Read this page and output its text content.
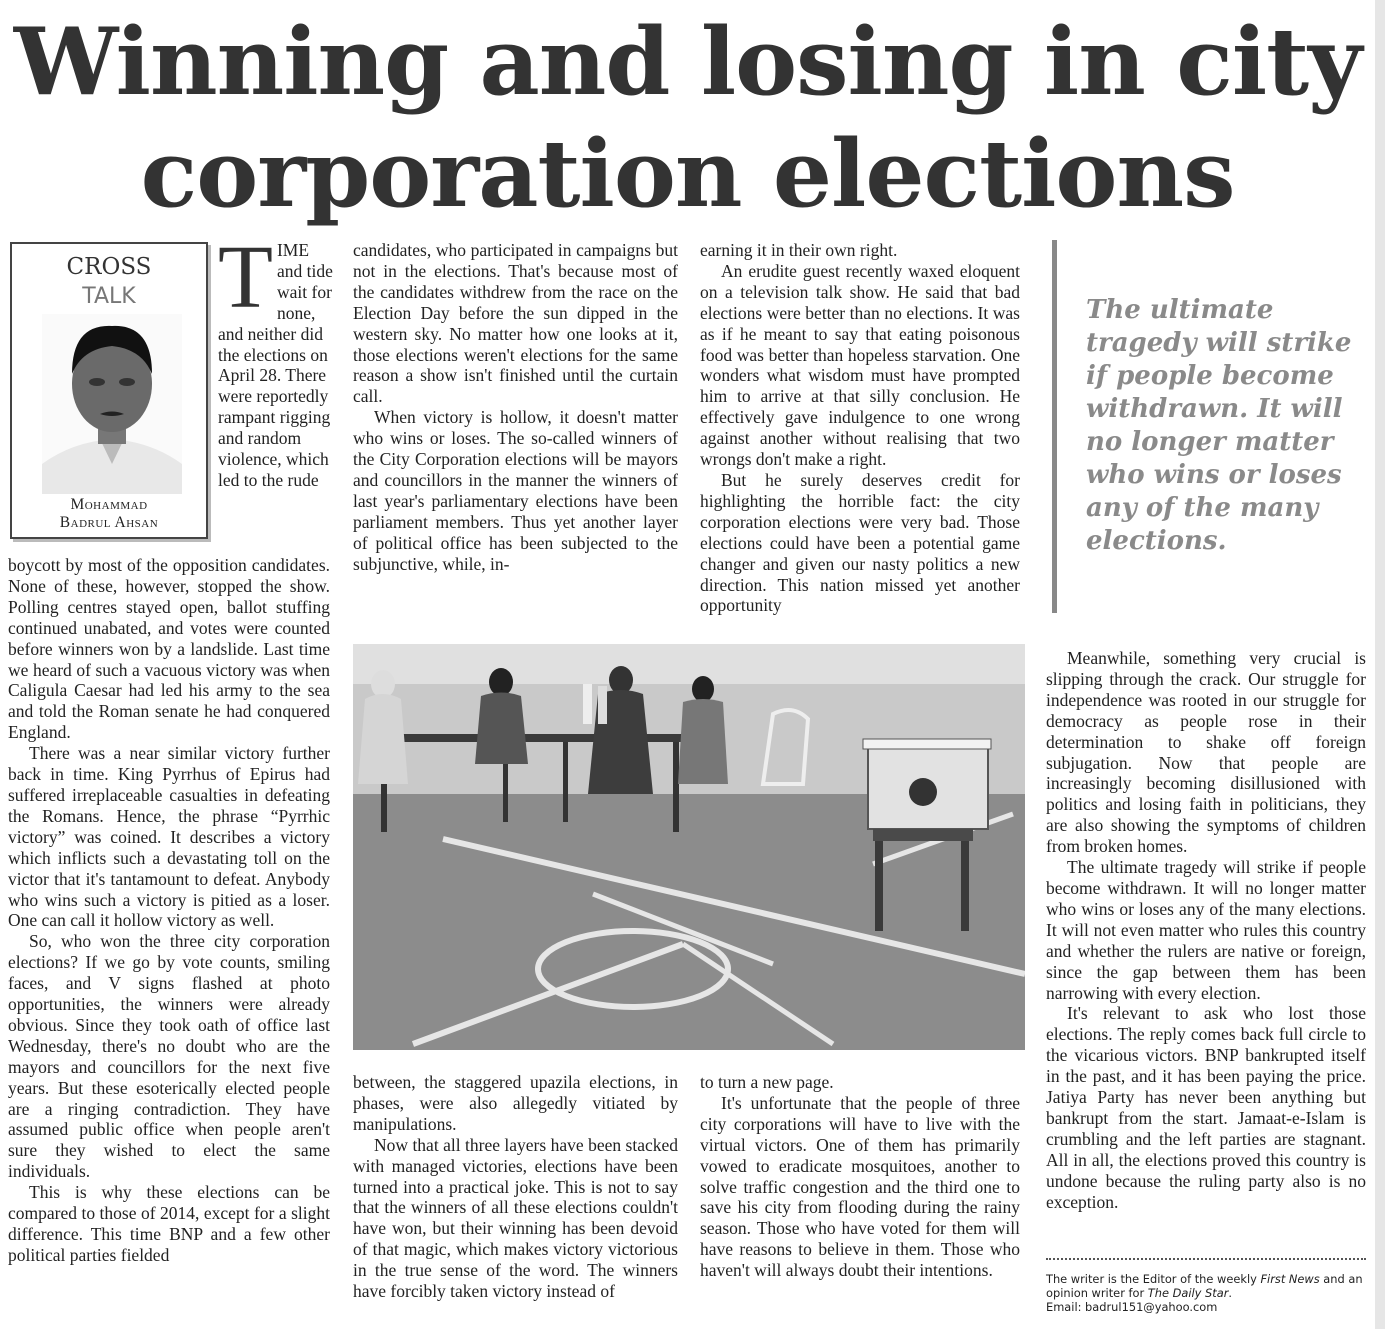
Winning and losing in city corporation elections
CROSS
TALK
Mohammad
Badrul Ahsan
TIME and tide wait for none, and neither did the elections on April 28. There were reportedly rampant rigging and random violence, which led to the rude

boycott by most of the opposition candidates. None of these, however, stopped the show. Polling centres stayed open, ballot stuffing continued unabated, and votes were counted before winners won by a landslide. Last time we heard of such a vacuous victory was when Caligula Caesar had led his army to the sea and told the Roman senate he had conquered England.

There was a near similar victory further back in time. King Pyrrhus of Epirus had suffered irreplaceable casualties in defeating the Romans. Hence, the phrase “Pyrrhic victory” was coined. It describes a victory which inflicts such a devastating toll on the victor that it's tantamount to defeat. Anybody who wins such a victory is pitied as a loser. One can call it hollow victory as well.

So, who won the three city corporation elections? If we go by vote counts, smiling faces, and V signs flashed at photo opportunities, the winners were already obvious. Since they took oath of office last Wednesday, there's no doubt who are the mayors and councillors for the next five years. But these esoterically elected people are a ringing contradiction. They have assumed public office when people aren't sure they wished to elect the same individuals.

This is why these elections can be compared to those of 2014, except for a slight difference. This time BNP and a few other political parties fielded

candidates, who participated in campaigns but not in the elections. That's because most of the candidates withdrew from the race on the Election Day before the sun dipped in the western sky. No matter how one looks at it, those elections weren't elections for the same reason a show isn't finished until the curtain call.

When victory is hollow, it doesn't matter who wins or loses. The so-called winners of the City Corporation elections will be mayors and councillors in the manner the winners of last year's parliamentary elections have been parliament members. Thus yet another layer of political office has been subjected to the subjunctive, while, in-

earning it in their own right.

An erudite guest recently waxed eloquent on a television talk show. He said that bad elections were better than no elections. It was as if he meant to say that eating poisonous food was better than hopeless starvation. One wonders what wisdom must have prompted him to arrive at that silly conclusion. He effectively gave indulgence to one wrong against another without realising that two wrongs don't make a right.

But he surely deserves credit for highlighting the horrible fact: the city corporation elections were very bad. Those elections could have been a potential game changer and given our nasty politics a new direction. This nation missed yet another opportunity

The ultimate tragedy will strike if people become withdrawn. It will no longer matter who wins or loses any of the many elections.

between, the staggered upazila elections, in phases, were also allegedly vitiated by manipulations.

Now that all three layers have been stacked with managed victories, elections have been turned into a practical joke. This is not to say that the winners of all these elections couldn't have won, but their winning has been devoid of that magic, which makes victory victorious in the true sense of the word. The winners have forcibly taken victory instead of

to turn a new page.

It's unfortunate that the people of three city corporations will have to live with the virtual victors. One of them has primarily vowed to eradicate mosquitoes, another to solve traffic congestion and the third one to save his city from flooding during the rainy season. Those who have voted for them will have reasons to believe in them. Those who haven't will always doubt their intentions.

Meanwhile, something very crucial is slipping through the crack. Our struggle for independence was rooted in our struggle for democracy as people rose in their determination to shake off foreign subjugation. Now that people are increasingly becoming disillusioned with politics and losing faith in politicians, they are also showing the symptoms of children from broken homes.

The ultimate tragedy will strike if people become withdrawn. It will no longer matter who wins or loses any of the many elections. It will not even matter who rules this country and whether the rulers are native or foreign, since the gap between them has been narrowing with every election.

It's relevant to ask who lost those elections. The reply comes back full circle to the vicarious victors. BNP bankrupted itself in the past, and it has been paying the price. Jatiya Party has never been anything but bankrupt from the start. Jamaat-e-Islam is crumbling and the left parties are stagnant. All in all, the elections proved this country is undone because the ruling party also is no exception.

The writer is the Editor of the weekly First News and an opinion writer for The Daily Star.
Email: badrul151@yahoo.com
